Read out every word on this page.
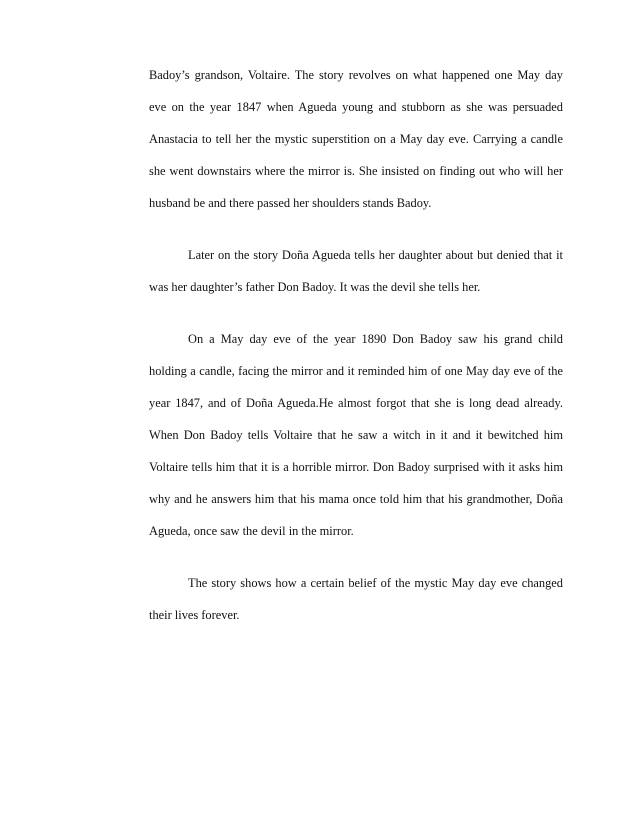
Badoy’s grandson, Voltaire. The story revolves on what happened one May day
eve on the year 1847 when Agueda young and stubborn as she was persuaded
Anastacia to tell her the mystic superstition on a May day eve. Carrying a candle
she went downstairs where the mirror is. She insisted on finding out who will her
husband be and there passed her shoulders stands Badoy.
Later on the story Doña Agueda tells her daughter about but denied that it
was her daughter’s father Don Badoy. It was the devil she tells her.
On a May day eve of the year 1890 Don Badoy saw his grand child
holding a candle, facing the mirror and it reminded him of one May day eve of the
year 1847, and of Doña Agueda.He almost forgot that she is long dead already.
When Don Badoy tells Voltaire that he saw a witch in it and it bewitched him
Voltaire tells him that it is a horrible mirror. Don Badoy surprised with it asks him
why and he answers him that his mama once told him that his grandmother, Doña
Agueda, once saw the devil in the mirror.
The story shows how a certain belief of the mystic May day eve changed
their lives forever.
